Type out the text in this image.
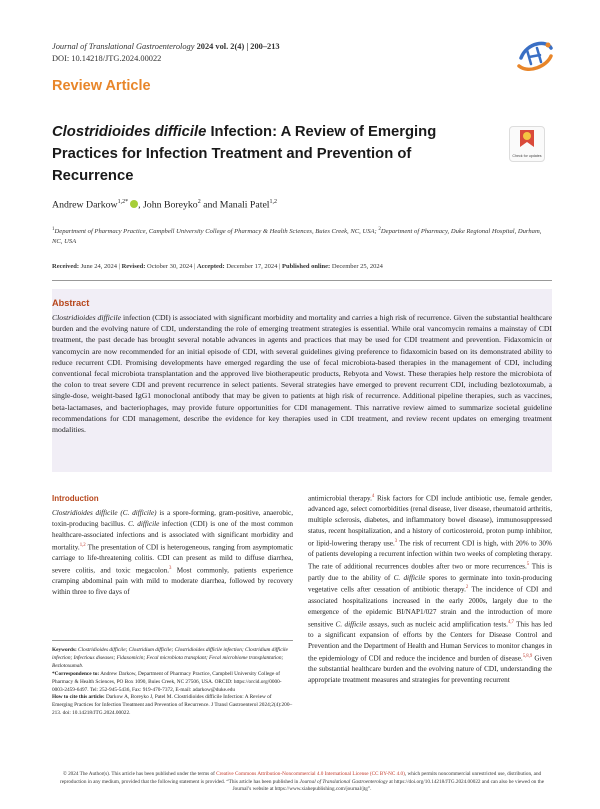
Journal of Translational Gastroenterology 2024 vol. 2(4) | 200–213
DOI: 10.14218/JTG.2024.00022
Review Article
Clostridioides difficile Infection: A Review of Emerging Practices for Infection Treatment and Prevention of Recurrence
Check for updates
Andrew Darkow$^{1,2*}$ , John Boreyko$^2$ and Manali Patel$^{1,2}$
$^1$Department of Pharmacy Practice, Campbell University College of Pharmacy & Health Sciences, Buies Creek, NC, USA; $^2$Department of Pharmacy, Duke Regional Hospital, Durham, NC, USA
Received: June 24, 2024 | Revised: October 30, 2024 | Accepted: December 17, 2024 | Published online: December 25, 2024
Abstract
Clostridioides difficile infection (CDI) is associated with significant morbidity and mortality and carries a high risk of recurrence. Given the substantial healthcare burden and the evolving nature of CDI, understanding the role of emerging treatment strategies is essential. While oral vancomycin remains a mainstay of CDI treatment, the past decade has brought several notable advances in agents and practices that may be used for CDI treatment and prevention. Fidaxomicin or vancomycin are now recommended for an initial episode of CDI, with several guidelines giving preference to fidaxomicin based on its demonstrated ability to reduce recurrent CDI. Promising developments have emerged regarding the use of fecal microbiota-based therapies in the management of CDI, including conventional fecal microbiota transplantation and the approved live biotherapeutic products, Rebyota and Vowst. These therapies help restore the microbiota of the colon to treat severe CDI and prevent recurrence in select patients. Several strategies have emerged to prevent recurrent CDI, including bezlotoxumab, a single-dose, weight-based IgG1 monoclonal antibody that may be given to patients at high risk of recurrence. Additional pipeline therapies, such as vaccines, beta-lactamases, and bacteriophages, may provide future opportunities for CDI management. This narrative review aimed to summarize societal guideline recommendations for CDI management, describe the evidence for key therapies used in CDI treatment, and review recent updates on emerging treatment modalities.
Introduction
Clostridioides difficile (C. difficile) is a spore-forming, gram-positive, anaerobic, toxin-producing bacillus. C. difficile infection (CDI) is one of the most common healthcare-associated infections and is associated with significant morbidity and mortality.$^{1,2}$ The presentation of CDI is heterogeneous, ranging from asymptomatic carriage to life-threatening colitis. CDI can present as mild to diffuse diarrhea, severe colitis, and toxic megacolon.$^3$ Most commonly, patients experience cramping abdominal pain with mild to moderate diarrhea, followed by recovery within three to five days of
Keywords: Clostridioides difficile; Clostridium difficile; Clostridioides difficile infection; Clostridium difficile infection; Infectious diseases; Fidaxomicin; Fecal microbiota transplant; Fecal microbiome transplantation; Bezlotoxumab.
*Correspondence to: Andrew Darkow, Department of Pharmacy Practice, Campbell University College of Pharmacy & Health Sciences, PO Box 1090, Buies Creek, NC 27506, USA. ORCID: https://orcid.org/0000-0003-2459-6497. Tel: 252-945-5436, Fax: 919-470-7372, E-mail: adarkow@duke.edu
How to cite this article: Darkow A, Boreyko J, Patel M. Clostridioides difficile Infection: A Review of Emerging Practices for Infection Treatment and Prevention of Recurrence. J Transl Gastroenterol 2024;2(4):200–213. doi: 10.14218/JTG.2024.00022.
antimicrobial therapy.$^4$ Risk factors for CDI include antibiotic use, female gender, advanced age, select comorbidities (renal disease, liver disease, rheumatoid arthritis, multiple sclerosis, diabetes, and inflammatory bowel disease), immunosuppressed status, recent hospitalization, and a history of corticosteroid, proton pump inhibitor, or lipid-lowering therapy use.$^3$ The risk of recurrent CDI is high, with 20% to 30% of patients developing a recurrent infection within two weeks of completing therapy. The rate of additional recurrences doubles after two or more recurrences.$^5$ This is partly due to the ability of C. difficile spores to germinate into toxin-producing vegetative cells after cessation of antibiotic therapy.$^2$ The incidence of CDI and associated hospitalizations increased in the early 2000s, largely due to the emergence of the epidemic BI/NAP1/027 strain and the introduction of more sensitive C. difficile assays, such as nucleic acid amplification tests.$^{4,7}$ This has led to a significant expansion of efforts by the Centers for Disease Control and Prevention and the Department of Health and Human Services to monitor changes in the epidemiology of CDI and reduce the incidence and burden of disease.$^{5,8,9}$ Given the substantial healthcare burden and the evolving nature of CDI, understanding the appropriate treatment measures and strategies for preventing recurrent
© 2024 The Author(s). This article has been published under the terms of Creative Commons Attribution-Noncommercial 4.0 International License (CC BY-NC 4.0), which permits noncommercial unrestricted use, distribution, and reproduction in any medium, provided that the following statement is provided. “This article has been published in Journal of Translational Gastroenterology at https://doi.org/10.14218/JTG.2024.00022 and can also be viewed on the Journal’s website at https://www.xiahepublishing.com/journal/jtg”.
